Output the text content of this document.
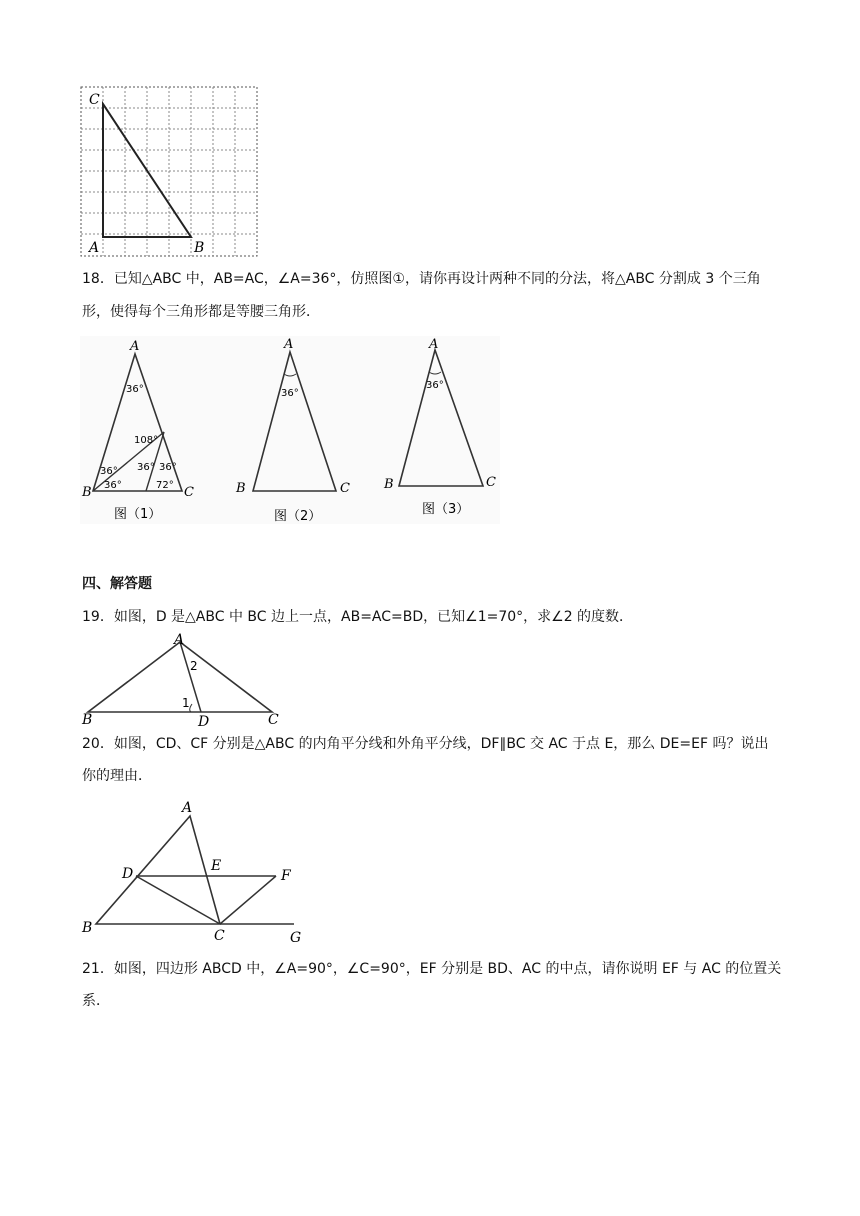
C
A	B
18．已知△ABC 中，AB=AC，∠A=36°，仿照图①，请你再设计两种不同的分法，将△ABC 分割成 3 个三角
形，使得每个三角形都是等腰三角形．
A
B	C
36°
108°
36°
36°
36° 36°
72°
图（1）
A
B	C
36°
图（2）
A
B	C
36°
图（3）
四、解答题
19．如图，D 是△ABC 中 BC 边上一点，AB=AC=BD，已知∠1=70°，求∠2 的度数．
A
B	C
D
1
2
20．如图，CD、CF 分别是△ABC 的内角平分线和外角平分线，DF∥BC 交 AC 于点 E，那么 DE=EF 吗？说出
你的理由．
A
B	C
D	E
F
G
21．如图，四边形 ABCD 中，∠A=90°，∠C=90°，EF 分别是 BD、AC 的中点，请你说明 EF 与 AC 的位置关
系．
